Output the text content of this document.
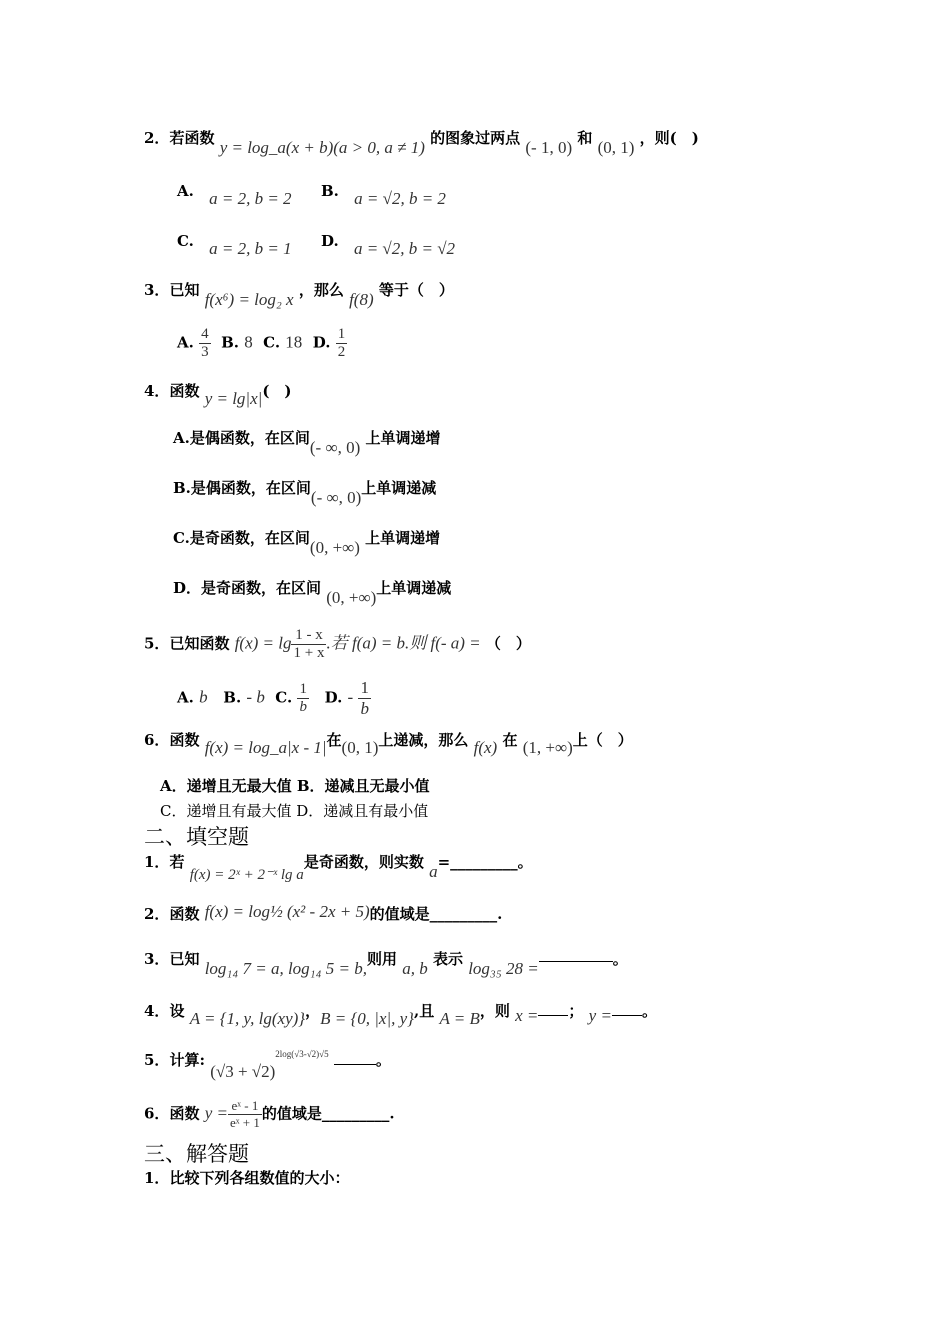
2．若函数 y = log_a(x + b)(a > 0, a ≠ 1) 的图象过两点 (- 1, 0) 和 (0, 1) ，则(　)
A. a = 2, b = 2 B. a = √2, b = 2
C. a = 2, b = 1 D. a = √2, b = √2
3．已知 f(x⁶) = log₂ x ，那么 f(8) 等于（　）
A. $\frac{4}{3} B$. 8 C. 18 D. $\frac{1}{2}$
4．函数 y = lg|x|(　)
A.是偶函数，在区间(- ∞, 0) 上单调递增
B.是偶函数，在区间(- ∞, 0)上单调递减
C.是奇函数，在区间(0, +∞) 上单调递增
D．是奇函数，在区间 (0, +∞)上单调递减
5．已知函数 $f(x) = \lg \frac{1 - x}{1 + x}$ .若 f(a) = b.则 f(- a) = （　）
A. b B. - b C. $\frac{1}{b} D$. - $\frac{1}{b}$
6．函数 f(x) = log_a|x - 1|在(0, 1)上递减，那么 f(x) 在 (1, +∞)上（　）
A．递增且无最大值 B．递减且无最小值
C．递增且有最大值 D．递减且有最小值
二、填空题
1．若 f(x) = 2ˣ + 2⁻ˣ lg a是奇函数，则实数 a=_________。
2．函数 f(x) = log½ (x² - 2x + 5)的值域是_________.
3．已知 log₁₄ 7 = a, log₁₄ 5 = b,则用 a, b 表示 log₃₅ 28 =	。
4．设 A = {1, y, lg(xy)}，B = {0, |x|, y},且 A = B，则 x = ； y = 。
5．计算: $(√3 + √2)^{2log(√3-√2)√5}$	。
6．函数 $y = \frac{\text{eˣ - 1}}{\text{eˣ + 1}}$ 的值域是_________.
三、解答题
1．比较下列各组数值的大小：
